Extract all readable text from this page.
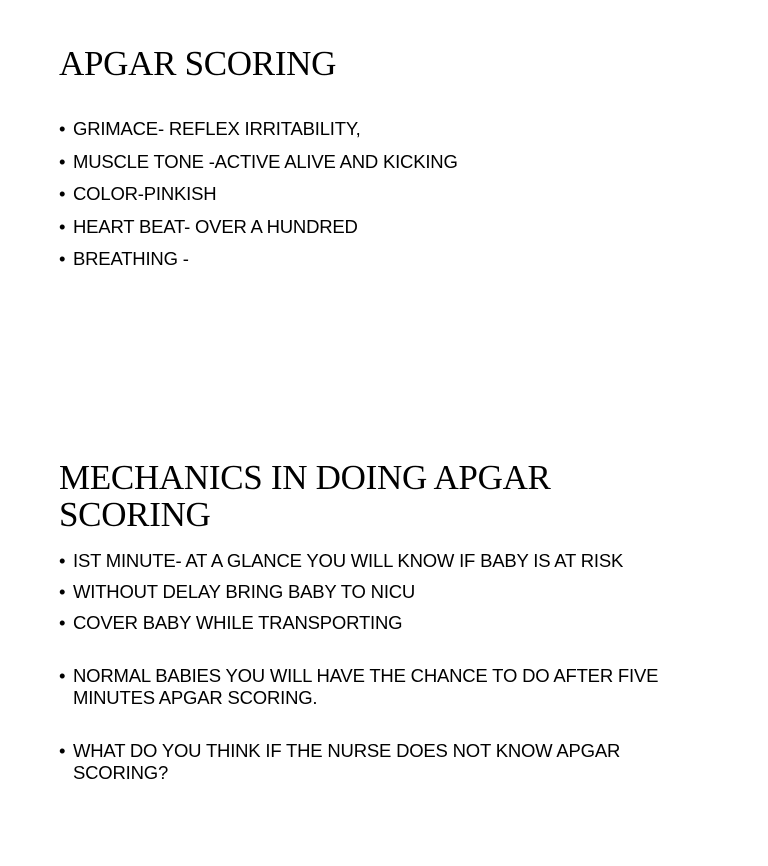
APGAR SCORING
• GRIMACE- REFLEX IRRITABILITY,
• MUSCLE TONE -ACTIVE ALIVE AND KICKING
• COLOR-PINKISH
• HEART BEAT- OVER A HUNDRED
• BREATHING -
MECHANICS IN DOING APGAR SCORING
• IST MINUTE- AT A GLANCE YOU WILL KNOW IF BABY IS AT RISK
• WITHOUT DELAY BRING BABY TO NICU
• COVER BABY WHILE TRANSPORTING
• NORMAL BABIES YOU WILL HAVE THE CHANCE TO DO AFTER FIVE MINUTES APGAR SCORING.
• WHAT DO YOU THINK IF THE NURSE DOES NOT KNOW APGAR SCORING?
